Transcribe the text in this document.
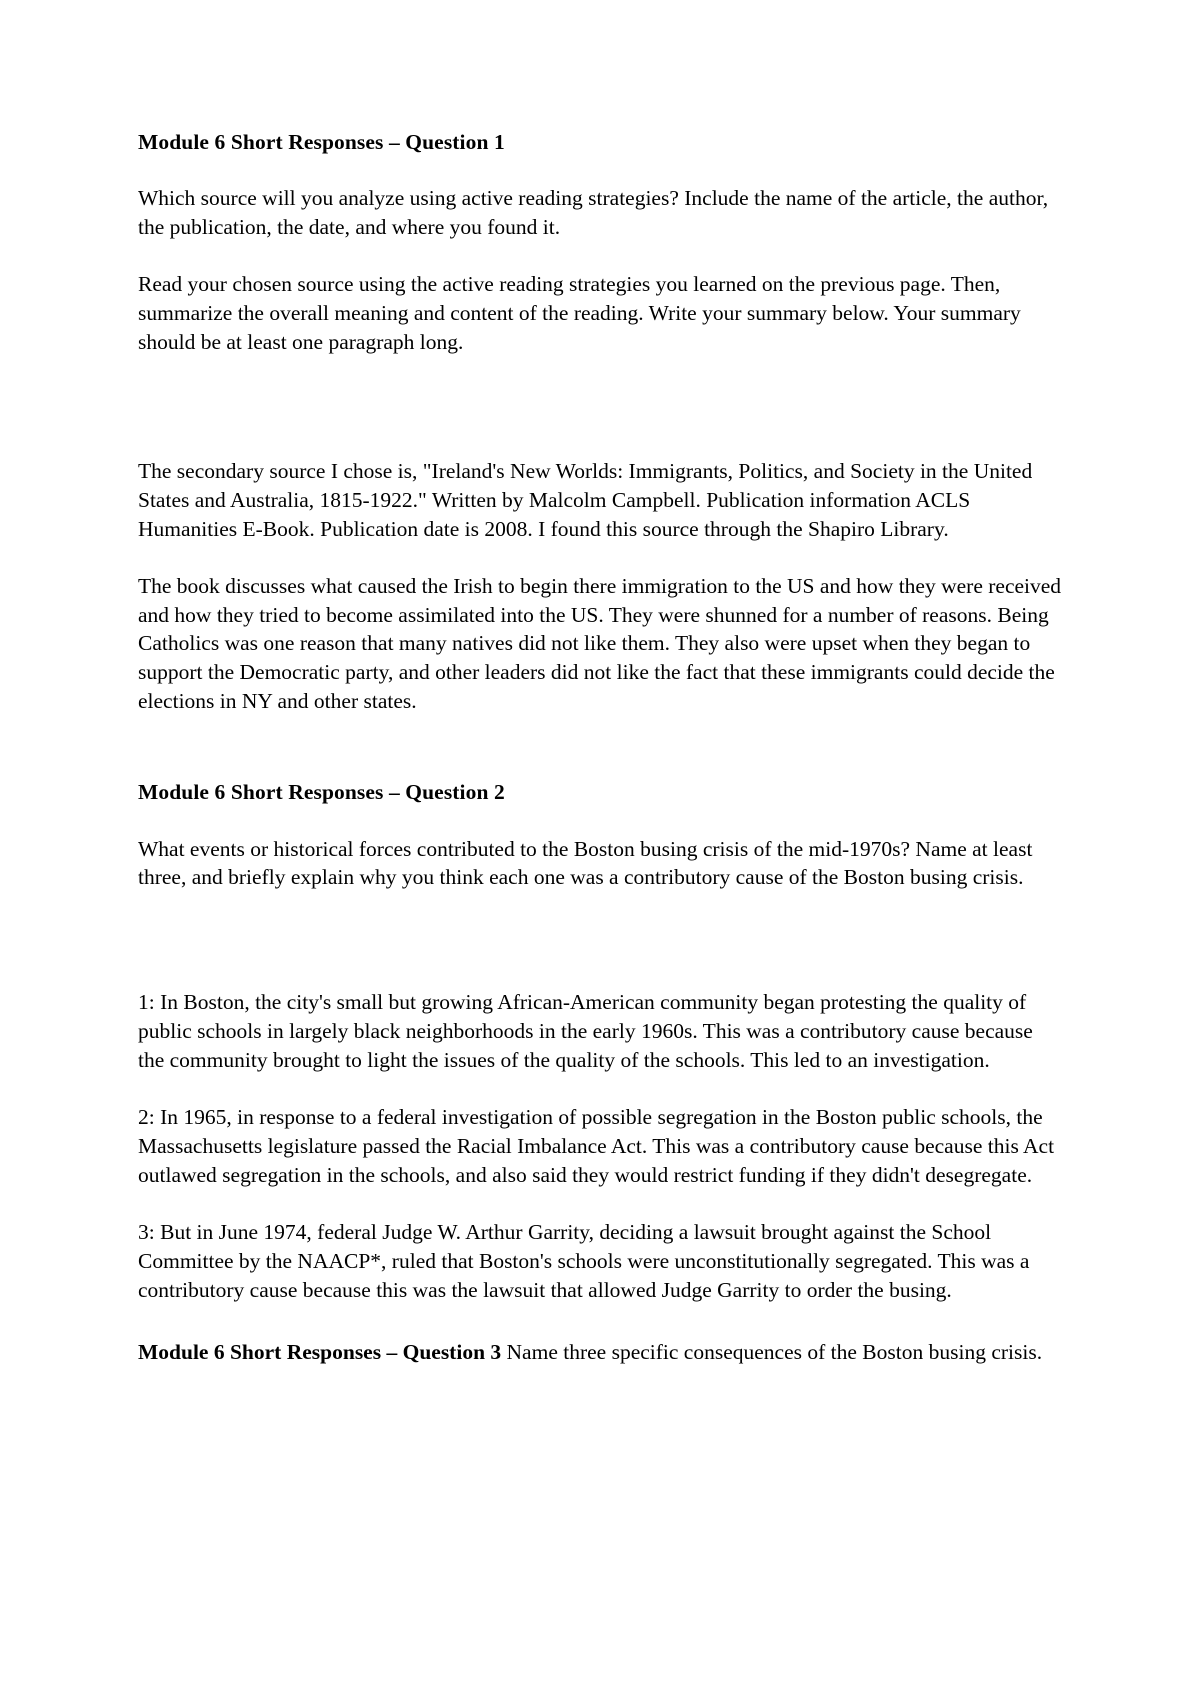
Module 6 Short Responses – Question 1

Which source will you analyze using active reading strategies? Include the name of the article, the author, the publication, the date, and where you found it.

Read your chosen source using the active reading strategies you learned on the previous page. Then, summarize the overall meaning and content of the reading. Write your summary below. Your summary should be at least one paragraph long.

The secondary source I chose is, "Ireland's New Worlds: Immigrants, Politics, and Society in the United States and Australia, 1815-1922." Written by Malcolm Campbell. Publication information ACLS Humanities E-Book. Publication date is 2008. I found this source through the Shapiro Library.

The book discusses what caused the Irish to begin there immigration to the US and how they were received and how they tried to become assimilated into the US. They were shunned for a number of reasons. Being Catholics was one reason that many natives did not like them. They also were upset when they began to support the Democratic party, and other leaders did not like the fact that these immigrants could decide the elections in NY and other states.

Module 6 Short Responses – Question 2

What events or historical forces contributed to the Boston busing crisis of the mid-1970s? Name at least three, and briefly explain why you think each one was a contributory cause of the Boston busing crisis.

1: In Boston, the city's small but growing African-American community began protesting the quality of public schools in largely black neighborhoods in the early 1960s. This was a contributory cause because the community brought to light the issues of the quality of the schools. This led to an investigation.

2: In 1965, in response to a federal investigation of possible segregation in the Boston public schools, the Massachusetts legislature passed the Racial Imbalance Act. This was a contributory cause because this Act outlawed segregation in the schools, and also said they would restrict funding if they didn't desegregate.

3: But in June 1974, federal Judge W. Arthur Garrity, deciding a lawsuit brought against the School Committee by the NAACP*, ruled that Boston's schools were unconstitutionally segregated. This was a contributory cause because this was the lawsuit that allowed Judge Garrity to order the busing.

Module 6 Short Responses – Question 3 Name three specific consequences of the Boston busing crisis.
